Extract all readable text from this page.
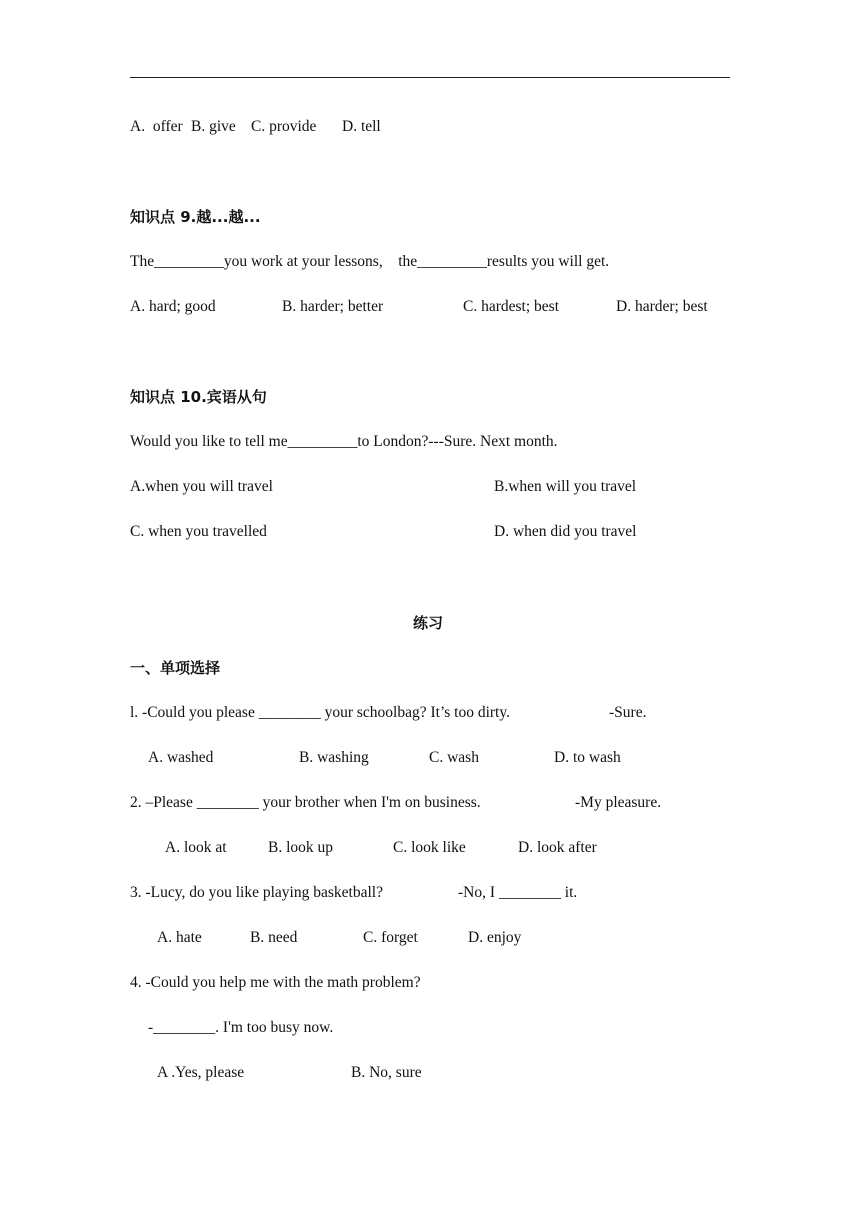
A.  offer B. give C. provide D. tell
知识点 9.越...越...
The_________you work at your lessons,    the_________results you will get.
A. hard; good	B. harder; better	C. hardest; best	D. harder; best
知识点 10.宾语从句
Would you like to tell me_________to London?---Sure. Next month.
A.when you will travel	B.when will you travel
C. when you travelled	D. when did you travel
练习
一、单项选择
l. -Could you please ________ your schoolbag? It’s too dirty.	-Sure.
A. washed	B. washing	C. wash	D. to wash
2. –Please ________ your brother when I'm on business.	-My pleasure.
A. look at	B. look up	C. look like	D. look after
3. -Lucy, do you like playing basketball?	-No, I ________ it.
A. hate	B. need	C. forget	D. enjoy
4. -Could you help me with the math problem?
-________. I'm too busy now.
A .Yes, please	B. No, sure
